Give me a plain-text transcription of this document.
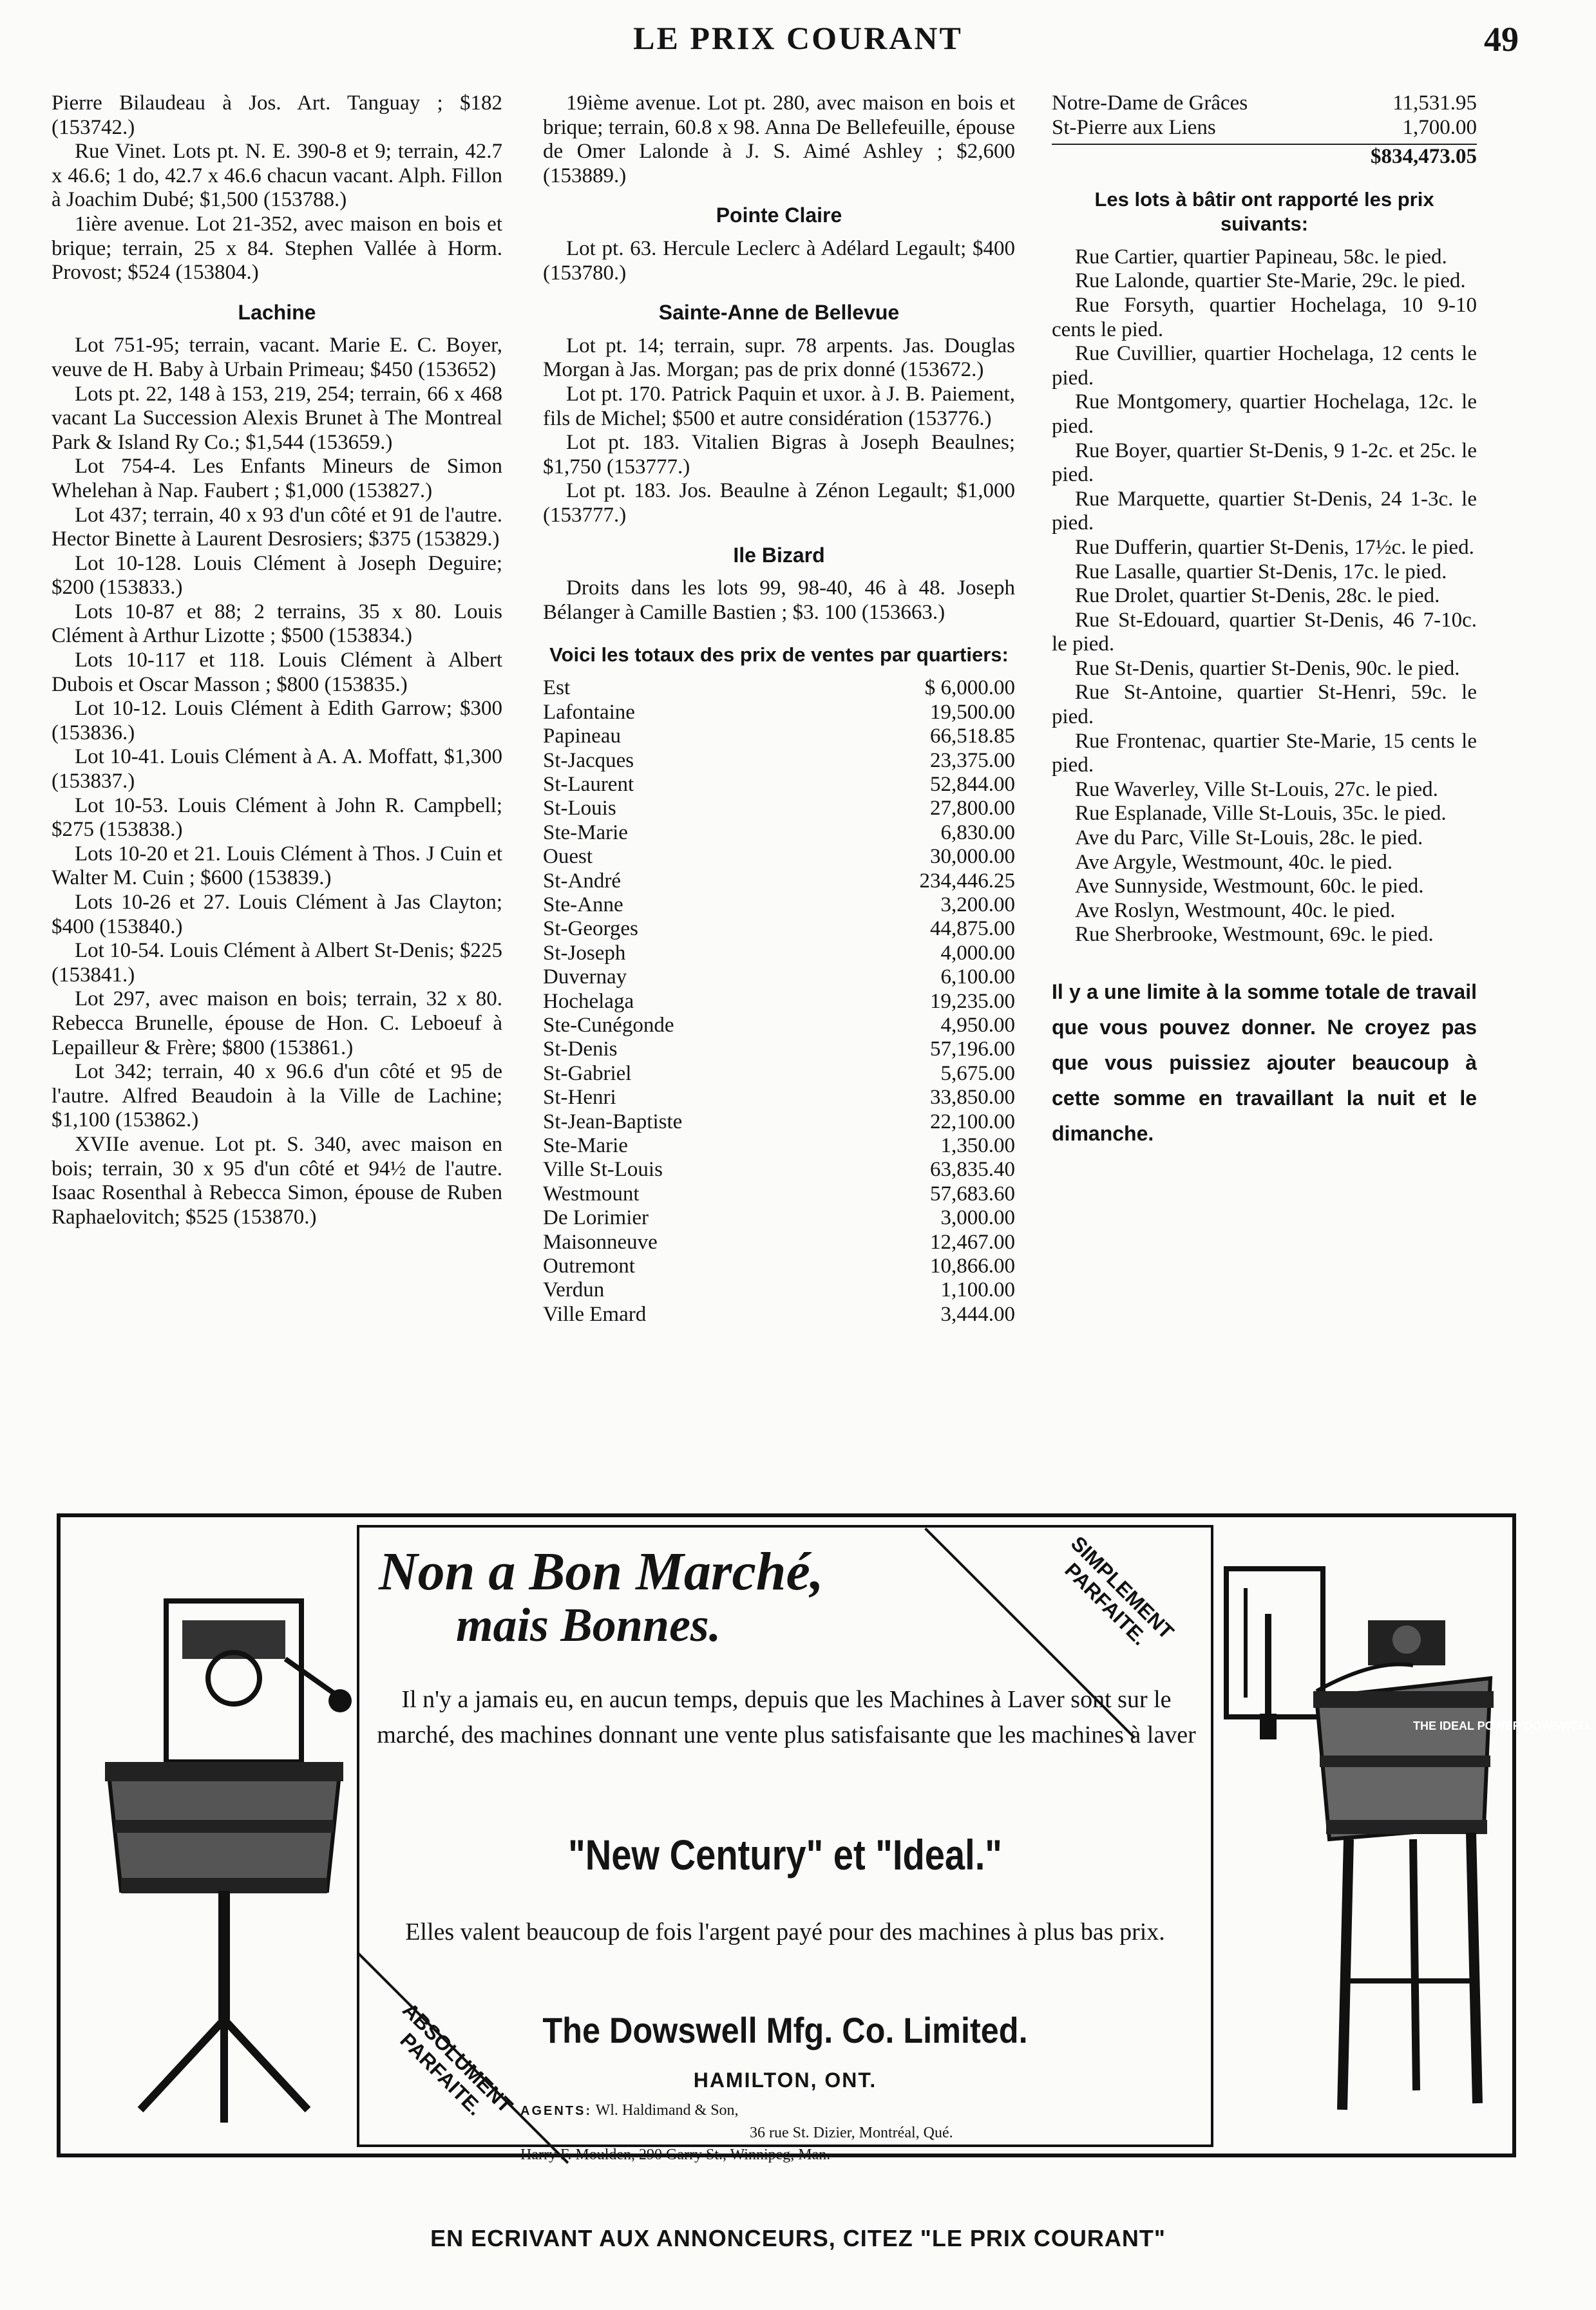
LE PRIX COURANT	49

Pierre Bilaudeau à Jos. Art. Tanguay ; $182 (153742.)

Rue Vinet. Lots pt. N. E. 390-8 et 9; terrain, 42.7 x 46.6; 1 do, 42.7 x 46.6 chacun vacant. Alph. Fillon à Joachim Dubé; $1,500 (153788.)

1ière avenue. Lot 21-352, avec maison en bois et brique; terrain, 25 x 84. Stephen Vallée à Horm. Provost; $524 (153804.)

Lachine

Lot 751-95; terrain, vacant. Marie E. C. Boyer, veuve de H. Baby à Urbain Primeau; $450 (153652)

Lots pt. 22, 148 à 153, 219, 254; terrain, 66 x 468 vacant La Succession Alexis Brunet à The Montreal Park & Island Ry Co.; $1,544 (153659.)

Lot 754-4. Les Enfants Mineurs de Simon Whelehan à Nap. Faubert ; $1,000 (153827.)

Lot 437; terrain, 40 x 93 d'un côté et 91 de l'autre. Hector Binette à Laurent Desrosiers; $375 (153829.)

Lot 10-128. Louis Clément à Joseph Deguire; $200 (153833.)

Lots 10-87 et 88; 2 terrains, 35 x 80. Louis Clément à Arthur Lizotte ; $500 (153834.)

Lots 10-117 et 118. Louis Clément à Albert Dubois et Oscar Masson ; $800 (153835.)

Lot 10-12. Louis Clément à Edith Garrow; $300 (153836.)

Lot 10-41. Louis Clément à A. A. Moffatt, $1,300 (153837.)

Lot 10-53. Louis Clément à John R. Campbell; $275 (153838.)

Lots 10-20 et 21. Louis Clément à Thos. J Cuin et Walter M. Cuin ; $600 (153839.)

Lots 10-26 et 27. Louis Clément à Jas Clayton; $400 (153840.)

Lot 10-54. Louis Clément à Albert St-Denis; $225 (153841.)

Lot 297, avec maison en bois; terrain, 32 x 80. Rebecca Brunelle, épouse de Hon. C. Leboeuf à Lepailleur & Frère; $800 (153861.)

Lot 342; terrain, 40 x 96.6 d'un côté et 95 de l'autre. Alfred Beaudoin à la Ville de Lachine; $1,100 (153862.)

XVIIe avenue. Lot pt. S. 340, avec maison en bois; terrain, 30 x 95 d'un côté et 94½ de l'autre. Isaac Rosenthal à Rebecca Simon, épouse de Ruben Raphaelovitch; $525 (153870.)

19ième avenue. Lot pt. 280, avec maison en bois et brique; terrain, 60.8 x 98. Anna De Bellefeuille, épouse de Omer Lalonde à J. S. Aimé Ashley ; $2,600 (153889.)

Pointe Claire

Lot pt. 63. Hercule Leclerc à Adélard Legault; $400 (153780.)

Sainte-Anne de Bellevue

Lot pt. 14; terrain, supr. 78 arpents. Jas. Douglas Morgan à Jas. Morgan; pas de prix donné (153672.)

Lot pt. 170. Patrick Paquin et uxor. à J. B. Paiement, fils de Michel; $500 et autre considération (153776.)

Lot pt. 183. Vitalien Bigras à Joseph Beaulnes; $1,750 (153777.)

Lot pt. 183. Jos. Beaulne à Zénon Legault; $1,000 (153777.)

Ile Bizard

Droits dans les lots 99, 98-40, 46 à 48. Joseph Bélanger à Camille Bastien ; $3. 100 (153663.)

Voici les totaux des prix de ventes par quartiers:
Est	$ 6,000.00
Lafontaine	19,500.00
Papineau	66,518.85
St-Jacques	23,375.00
St-Laurent	52,844.00
St-Louis	27,800.00
Ste-Marie	6,830.00
Ouest	30,000.00
St-André	234,446.25
Ste-Anne	3,200.00
St-Georges	44,875.00
St-Joseph	4,000.00
Duvernay	6,100.00
Hochelaga	19,235.00
Ste-Cunégonde	4,950.00
St-Denis	57,196.00
St-Gabriel	5,675.00
St-Henri	33,850.00
St-Jean-Baptiste	22,100.00
Ste-Marie	1,350.00
Ville St-Louis	63,835.40
Westmount	57,683.60
De Lorimier	3,000.00
Maisonneuve	12,467.00
Outremont	10,866.00
Verdun	1,100.00
Ville Emard	3,444.00
Notre-Dame de Grâces	11,531.95
St-Pierre aux Liens	1,700.00
$834,473.05
Les lots à bâtir ont rapporté les prix suivants:

Rue Cartier, quartier Papineau, 58c. le pied.

Rue Lalonde, quartier Ste-Marie, 29c. le pied.

Rue Forsyth, quartier Hochelaga, 10 9-10 cents le pied.

Rue Cuvillier, quartier Hochelaga, 12 cents le pied.

Rue Montgomery, quartier Hochelaga, 12c. le pied.

Rue Boyer, quartier St-Denis, 9 1-2c. et 25c. le pied.

Rue Marquette, quartier St-Denis, 24 1-3c. le pied.

Rue Dufferin, quartier St-Denis, 17½c. le pied.

Rue Lasalle, quartier St-Denis, 17c. le pied.

Rue Drolet, quartier St-Denis, 28c. le pied.

Rue St-Edouard, quartier St-Denis, 46 7-10c. le pied.

Rue St-Denis, quartier St-Denis, 90c. le pied.

Rue St-Antoine, quartier St-Henri, 59c. le pied.

Rue Frontenac, quartier Ste-Marie, 15 cents le pied.

Rue Waverley, Ville St-Louis, 27c. le pied.

Rue Esplanade, Ville St-Louis, 35c. le pied.

Ave du Parc, Ville St-Louis, 28c. le pied.

Ave Argyle, Westmount, 40c. le pied.

Ave Sunnyside, Westmount, 60c. le pied.

Ave Roslyn, Westmount, 40c. le pied.

Rue Sherbrooke, Westmount, 69c. le pied.

Il y a une limite à la somme totale de travail que vous pouvez donner. Ne croyez pas que vous puissiez ajouter beaucoup à cette somme en travaillant la nuit et le dimanche.
Non a Bon Marché,
mais Bonnes.	SIMPLEMENT PARFAITE.
ABSOLUMENT PARFAITE.
Il n'y a jamais eu, en aucun temps, depuis que les Machines à Laver sont sur le marché, des machines donnant une vente plus satisfaisante que les machines à laver
"New Century" et "Ideal."
Elles valent beaucoup de fois l'argent payé pour des machines à plus bas prix.
The Dowswell Mfg. Co. Limited.
HAMILTON, ONT.
AGENTS: Wl. Haldimand & Son,
36 rue St. Dizier, Montréal, Qué.
Harry F. Moulden, 290 Garry St., Winnipeg, Man.
THE IDEAL POWER DOWSWELL
EN ECRIVANT AUX ANNONCEURS, CITEZ "LE PRIX COURANT"
